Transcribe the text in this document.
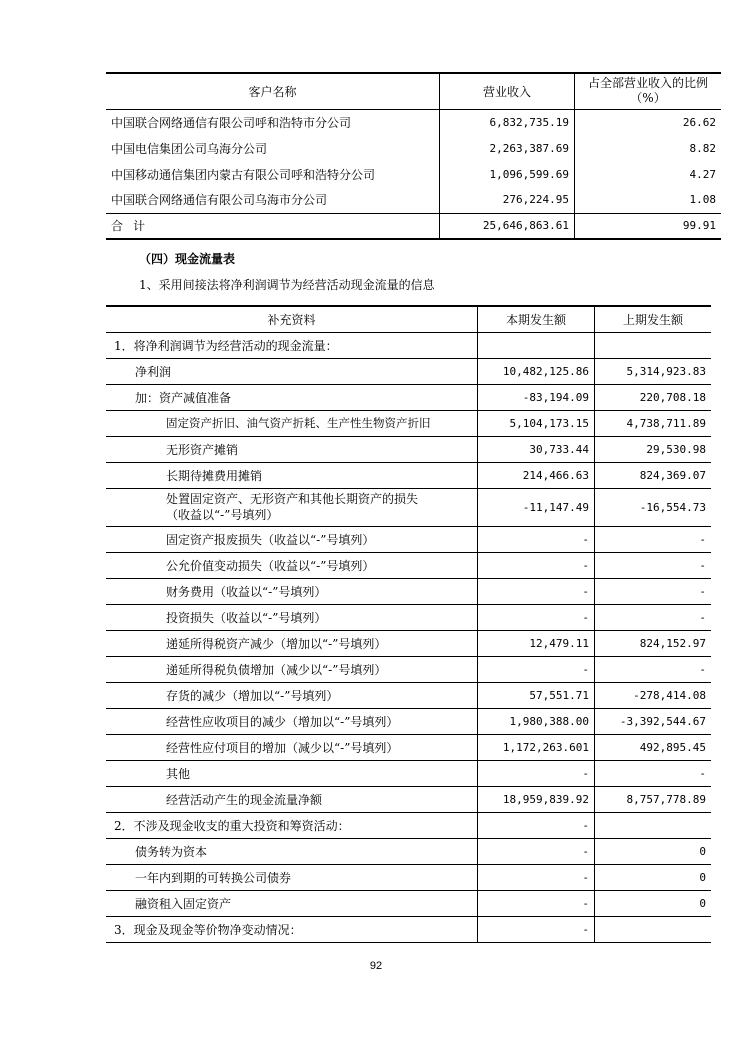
客户名称	营业收入	占全部营业收入的比例（%）
中国联合网络通信有限公司呼和浩特市分公司	6,832,735.19	26.62
中国电信集团公司乌海分公司	2,263,387.69	8.82
中国移动通信集团内蒙古有限公司呼和浩特分公司	1,096,599.69	4.27
中国联合网络通信有限公司乌海市分公司	276,224.95	1.08
合计	25,646,863.61	99.91
（四）现金流量表
1、采用间接法将净利润调节为经营活动现金流量的信息
补充资料	本期发生额	上期发生额
1．将净利润调节为经营活动的现金流量：		
净利润	10,482,125.86	5,314,923.83
加：资产减值准备	-83,194.09	220,708.18
固定资产折旧、油气资产折耗、生产性生物资产折旧	5,104,173.15	4,738,711.89
无形资产摊销	30,733.44	29,530.98
长期待摊费用摊销	214,466.63	824,369.07
处置固定资产、无形资产和其他长期资产的损失（收益以“-”号填列）	-11,147.49	-16,554.73
固定资产报废损失（收益以“-”号填列）	-	-
公允价值变动损失（收益以“-”号填列）	-	-
财务费用（收益以“-”号填列）	-	-
投资损失（收益以“-”号填列）	-	-
递延所得税资产减少（增加以“-”号填列）	12,479.11	824,152.97
递延所得税负债增加（减少以“-”号填列）	-	-
存货的减少（增加以“-”号填列）	57,551.71	-278,414.08
经营性应收项目的减少（增加以“-”号填列）	1,980,388.00	-3,392,544.67
经营性应付项目的增加（减少以“-”号填列）	1,172,263.601	492,895.45
其他	-	-
经营活动产生的现金流量净额	18,959,839.92	8,757,778.89
2．不涉及现金收支的重大投资和筹资活动：	-	
债务转为资本	-	0
一年内到期的可转换公司债券	-	0
融资租入固定资产	-	0
3．现金及现金等价物净变动情况：	-	
92
